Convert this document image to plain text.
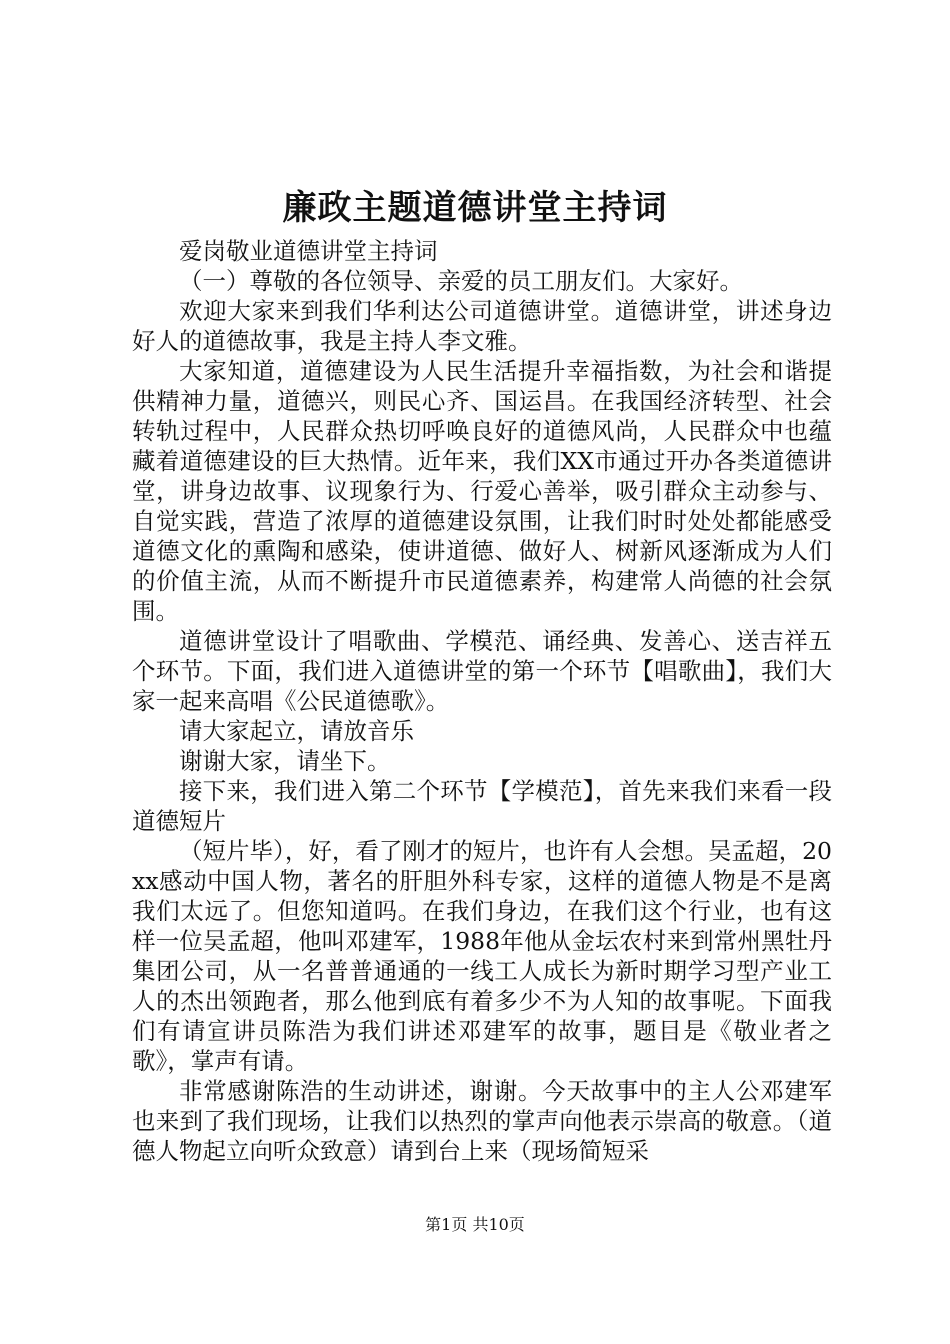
廉政主题道德讲堂主持词

爱岗敬业道德讲堂主持词

（一）尊敬的各位领导、亲爱的员工朋友们。大家好。

欢迎大家来到我们华利达公司道德讲堂。道德讲堂，讲述身边好人的道德故事，我是主持人李文雅。

大家知道，道德建设为人民生活提升幸福指数，为社会和谐提供精神力量，道德兴，则民心齐、国运昌。在我国经济转型、社会转轨过程中，人民群众热切呼唤良好的道德风尚，人民群众中也蕴藏着道德建设的巨大热情。近年来，我们XX市通过开办各类道德讲堂，讲身边故事、议现象行为、行爱心善举，吸引群众主动参与、自觉实践，营造了浓厚的道德建设氛围，让我们时时处处都能感受道德文化的熏陶和感染，使讲道德、做好人、树新风逐渐成为人们的价值主流，从而不断提升市民道德素养，构建常人尚德的社会氛围。

道德讲堂设计了唱歌曲、学模范、诵经典、发善心、送吉祥五个环节。下面，我们进入道德讲堂的第一个环节【唱歌曲】，我们大家一起来高唱《公民道德歌》。

请大家起立，请放音乐

谢谢大家，请坐下。

接下来，我们进入第二个环节【学模范】，首先来我们来看一段道德短片

（短片毕），好，看了刚才的短片，也许有人会想。吴孟超，20xx感动中国人物，著名的肝胆外科专家，这样的道德人物是不是离我们太远了。但您知道吗。在我们身边，在我们这个行业，也有这样一位吴孟超，他叫邓建军，1988年他从金坛农村来到常州黑牡丹集团公司，从一名普普通通的一线工人成长为新时期学习型产业工人的杰出领跑者，那么他到底有着多少不为人知的故事呢。下面我们有请宣讲员陈浩为我们讲述邓建军的故事，题目是《敬业者之歌》，掌声有请。

非常感谢陈浩的生动讲述，谢谢。今天故事中的主人公邓建军也来到了我们现场，让我们以热烈的掌声向他表示崇高的敬意。（道德人物起立向听众致意）请到台上来（现场简短采

第1页 共10页
